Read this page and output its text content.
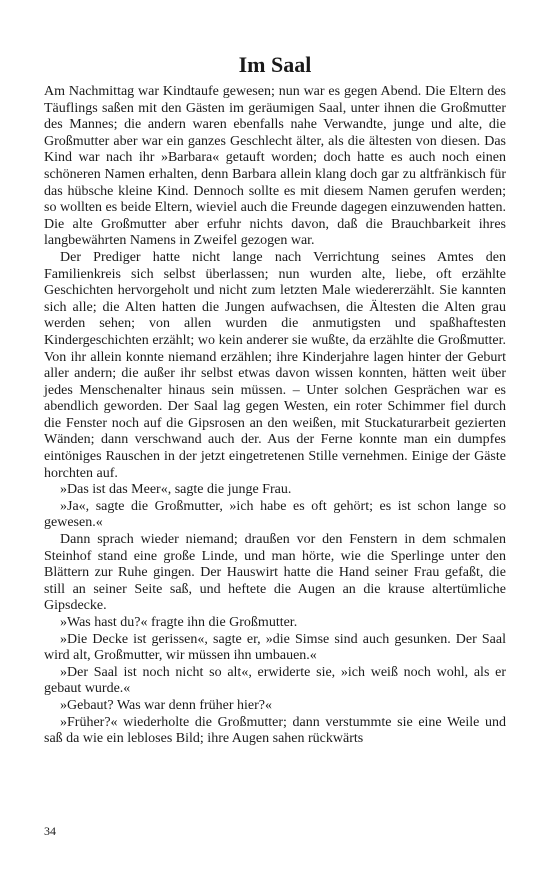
Im Saal

Am Nachmittag war Kindtaufe gewesen; nun war es gegen Abend. Die Eltern des Täuflings saßen mit den Gästen im geräumigen Saal, unter ihnen die Großmutter des Mannes; die andern waren ebenfalls nahe Verwandte, junge und alte, die Großmutter aber war ein ganzes Geschlecht älter, als die ältesten von diesen. Das Kind war nach ihr »Barbara« getauft worden; doch hatte es auch noch einen schöneren Namen erhalten, denn Barbara allein klang doch gar zu altfränkisch für das hübsche kleine Kind. Dennoch sollte es mit diesem Namen gerufen werden; so wollten es beide Eltern, wieviel auch die Freunde dagegen einzuwenden hatten. Die alte Großmutter aber erfuhr nichts davon, daß die Brauchbarkeit ihres langbewährten Namens in Zweifel gezogen war.

Der Prediger hatte nicht lange nach Verrichtung seines Amtes den Familienkreis sich selbst überlassen; nun wurden alte, liebe, oft erzählte Geschichten hervorgeholt und nicht zum letzten Male wiedererzählt. Sie kannten sich alle; die Alten hatten die Jungen aufwachsen, die Ältesten die Alten grau werden sehen; von allen wurden die anmutigsten und spaßhaftesten Kindergeschichten erzählt; wo kein anderer sie wußte, da erzählte die Großmutter. Von ihr allein konnte niemand erzählen; ihre Kinderjahre lagen hinter der Geburt aller andern; die außer ihr selbst etwas davon wissen konnten, hätten weit über jedes Menschenalter hinaus sein müssen. – Unter solchen Gesprächen war es abendlich geworden. Der Saal lag gegen Westen, ein roter Schimmer fiel durch die Fenster noch auf die Gipsrosen an den weißen, mit Stuckaturarbeit gezierten Wänden; dann verschwand auch der. Aus der Ferne konnte man ein dumpfes eintöniges Rauschen in der jetzt eingetretenen Stille vernehmen. Einige der Gäste horchten auf.

»Das ist das Meer«, sagte die junge Frau.

»Ja«, sagte die Großmutter, »ich habe es oft gehört; es ist schon lange so gewesen.«

Dann sprach wieder niemand; draußen vor den Fenstern in dem schmalen Steinhof stand eine große Linde, und man hörte, wie die Sperlinge unter den Blättern zur Ruhe gingen. Der Hauswirt hatte die Hand seiner Frau gefaßt, die still an seiner Seite saß, und heftete die Augen an die krause altertümliche Gipsdecke.

»Was hast du?« fragte ihn die Großmutter.

»Die Decke ist gerissen«, sagte er, »die Simse sind auch gesunken. Der Saal wird alt, Großmutter, wir müssen ihn umbauen.«

»Der Saal ist noch nicht so alt«, erwiderte sie, »ich weiß noch wohl, als er gebaut wurde.«

»Gebaut? Was war denn früher hier?«

»Früher?« wiederholte die Großmutter; dann verstummte sie eine Weile und saß da wie ein lebloses Bild; ihre Augen sahen rückwärts

34
